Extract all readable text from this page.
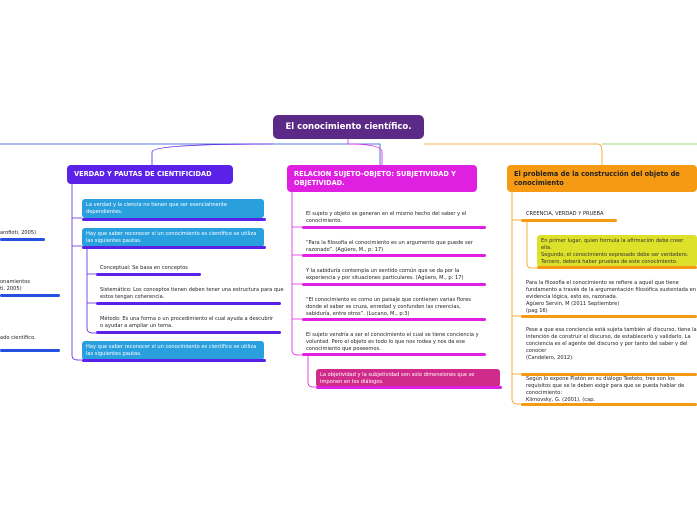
arofioti, 2005)
onamientos
ti, 2005)
ado científico.
El conocimiento científico.
VERDAD Y PAUTAS DE CIENTIFICIDAD
La verdad y la ciencia no tienen que ser esencialmente dependientes.
Hay que saber reconocer si un conocimiento es científico se utiliza las siguientes pautas.
Conceptual: Se basa en conceptos
Sistemático: Los conceptos tienen deben tener una estructura para que estos tengan coherencia.
Método: Es una forma o un procedimiento el cual ayuda a descubrir o ayudar a ampliar un tema.
Hay que saber reconocer si un conocimiento es científico se utiliza las siguientes pautas.
RELACION SUJETO-OBJETO: SUBJETIVIDAD Y OBJETIVIDAD.
El sujeto y objeto se generan en el mismo hecho del saber y el conocimiento.
“Para la filosofía el conocimiento es un argumento que puede ser razonado”. (Agüero, M., p: 17)
Y la sabiduría contempla un sentido común que se da por la experiencia y por situaciones particulares. (Agüero, M., p: 17)
“El conocimiento es como un paisaje que contienen varias flores donde el saber se cruza, enredad y confunden las creencias, sabiduría, entre otros”. (Lucano, M., p:3)
El sujeto vendría a ser el conocimiento el cual se tiene conciencia y voluntad. Pero el objeto es todo lo que nos rodea y nos da ese conocimiento que poseemos.
La objetividad y la subjetividad son solo dimensiones que se imponen en los diálogos.
El problema de la construcción del objeto de conocimiento
CREENCIA, VERDAD Y PRUEBA
En primer lugar, quien formula la afirmación debe creer ella.
Segundo, el conocimiento expresado debe ser verdadero.
Tercero, deberá haber pruebas de este conocimiento.
Para la filosofía el conocimiento se refiere a aquél que tiene fundamento a través de la argumentación filosófica sustentada en evidencia lógica, esto es, razonada.
Agüero Servin, M (2011 Septiembre)
(pag 16)
Pese a que esa conciencia está sujeta también al discurso, tiene la intención de construir el discurso, de establecerlo y validarlo. La conciencia es el agente del discurso y por tanto del saber y del conocer
(Candelero, 2012).
Según lo expone Platón en su diálogo Teeteto, tres son los requisitos que se le deben exigir para que se pueda hablar de conocimiento:
Klimovsky, G. (2001). (cap.
